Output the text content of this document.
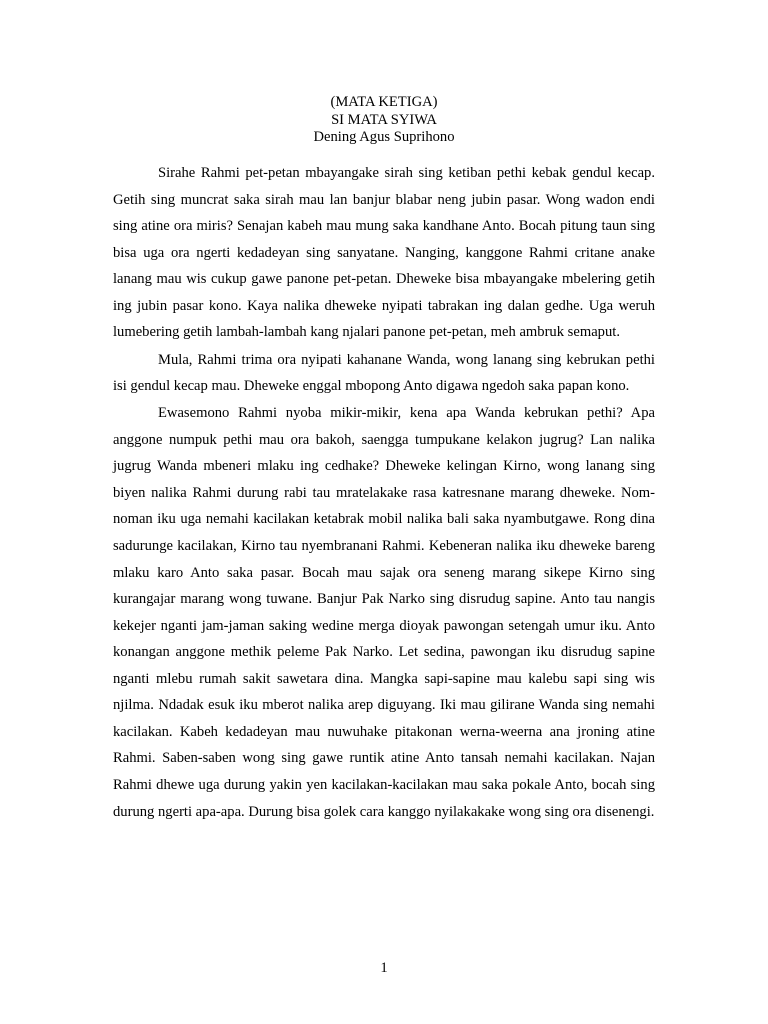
(MATA KETIGA)
SI MATA SYIWA
Dening Agus Suprihono

Sirahe Rahmi pet-petan mbayangake sirah sing ketiban pethi kebak gendul kecap. Getih sing muncrat saka sirah mau lan banjur blabar neng jubin pasar. Wong wadon endi sing atine ora miris? Senajan kabeh mau mung saka kandhane Anto. Bocah pitung taun sing bisa uga ora ngerti kedadeyan sing sanyatane. Nanging, kanggone Rahmi critane anake lanang mau wis cukup gawe panone pet-petan. Dheweke bisa mbayangake mbelering getih ing jubin pasar kono. Kaya nalika dheweke nyipati tabrakan ing dalan gedhe. Uga weruh lumebering getih lambah-lambah kang njalari panone pet-petan, meh ambruk semaput.

Mula, Rahmi trima ora nyipati kahanane Wanda, wong lanang sing kebrukan pethi isi gendul kecap mau. Dheweke enggal mbopong Anto digawa ngedoh saka papan kono.

Ewasemono Rahmi nyoba mikir-mikir, kena apa Wanda kebrukan pethi? Apa anggone numpuk pethi mau ora bakoh, saengga tumpukane kelakon jugrug? Lan nalika jugrug Wanda mbeneri mlaku ing cedhake? Dheweke kelingan Kirno, wong lanang sing biyen nalika Rahmi durung rabi tau mratelakake rasa katresnane marang dheweke. Nom-noman iku uga nemahi kacilakan ketabrak mobil nalika bali saka nyambutgawe. Rong dina sadurunge kacilakan, Kirno tau nyembranani Rahmi. Kebeneran nalika iku dheweke bareng mlaku karo Anto saka pasar. Bocah mau sajak ora seneng marang sikepe Kirno sing kurangajar marang wong tuwane. Banjur Pak Narko sing disrudug sapine. Anto tau nangis kekejer nganti jam-jaman saking wedine merga dioyak pawongan setengah umur iku. Anto konangan anggone methik peleme Pak Narko. Let sedina, pawongan iku disrudug sapine nganti mlebu rumah sakit sawetara dina. Mangka sapi-sapine mau kalebu sapi sing wis njilma. Ndadak esuk iku mberot nalika arep diguyang. Iki mau gilirane Wanda sing nemahi kacilakan. Kabeh kedadeyan mau nuwuhake pitakonan werna-weerna ana jroning atine Rahmi. Saben-saben wong sing gawe runtik atine Anto tansah nemahi kacilakan. Najan Rahmi dhewe uga durung yakin yen kacilakan-kacilakan mau saka pokale Anto, bocah sing durung ngerti apa-apa. Durung bisa golek cara kanggo nyilakakake wong sing ora disenengi.

1
